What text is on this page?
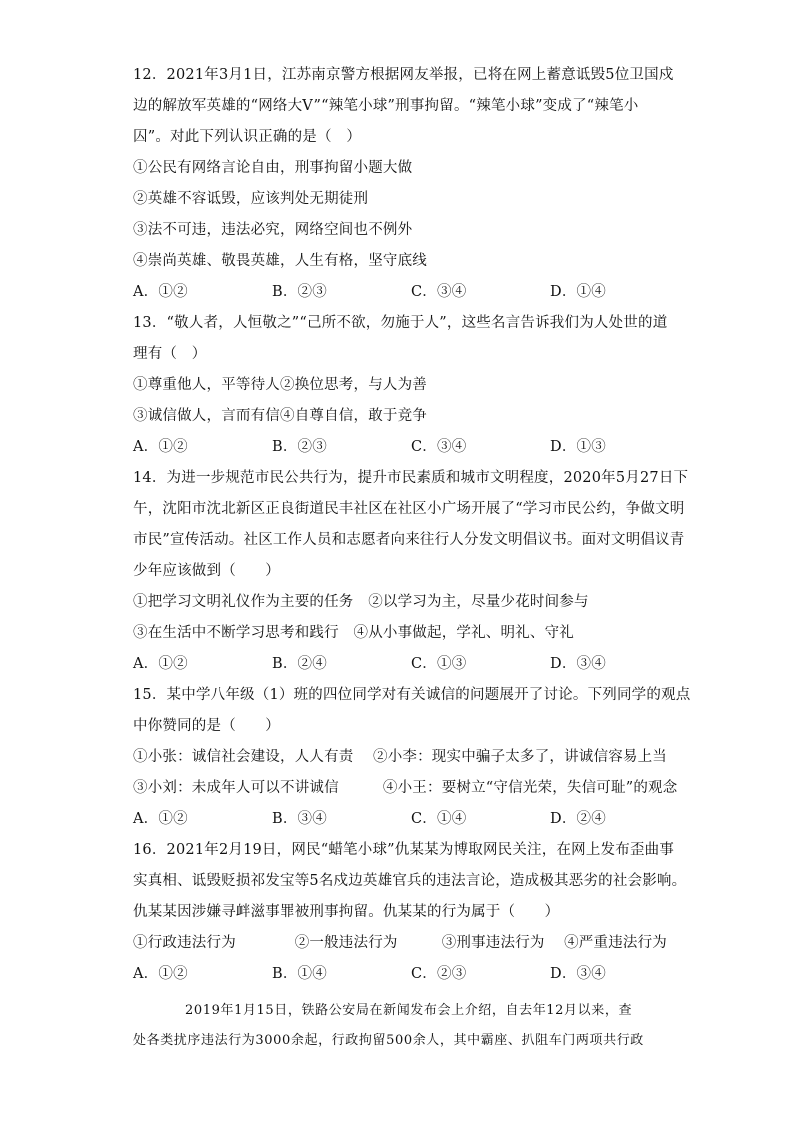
12．2021年3月1日，江苏南京警方根据网友举报，已将在网上蓄意诋毁5位卫国戍
边的解放军英雄的“网络大V”“辣笔小球”刑事拘留。“辣笔小球”变成了“辣笔小
囚”。对此下列认识正确的是（　）
①公民有网络言论自由，刑事拘留小题大做
②英雄不容诋毁，应该判处无期徒刑
③法不可违，违法必究，网络空间也不例外
④崇尚英雄、敬畏英雄，人生有格，坚守底线
A．①②	B．②③	C．③④	D．①④
13．“敬人者，人恒敬之”“己所不欲，勿施于人”，这些名言告诉我们为人处世的道
理有（　）
①尊重他人，平等待人②换位思考，与人为善
③诚信做人，言而有信④自尊自信，敢于竞争
A．①②	B．②③	C．③④	D．①③
14．为进一步规范市民公共行为，提升市民素质和城市文明程度，2020年5月27日下
午，沈阳市沈北新区正良街道民丰社区在社区小广场开展了“学习市民公约，争做文明
市民”宣传活动。社区工作人员和志愿者向来往行人分发文明倡议书。面对文明倡议青
少年应该做到（　　）
①把学习文明礼仪作为主要的任务　②以学习为主，尽量少花时间参与
③在生活中不断学习思考和践行　④从小事做起，学礼、明礼、守礼
A．①②	B．②④	C．①③	D．③④
15．某中学八年级（1）班的四位同学对有关诚信的问题展开了讨论。下列同学的观点
中你赞同的是（　　）
①小张：诚信社会建设，人人有责　 ②小李：现实中骗子太多了，讲诚信容易上当
③小刘：未成年人可以不讲诚信　　　④小王：要树立“守信光荣，失信可耻”的观念
A．①②	B．③④	C．①④	D．②④
16．2021年2月19日，网民“蜡笔小球”仇某某为博取网民关注，在网上发布歪曲事
实真相、诋毁贬损祁发宝等5名戍边英雄官兵的违法言论，造成极其恶劣的社会影响。
仇某某因涉嫌寻衅滋事罪被刑事拘留。仇某某的行为属于（　　）
①行政违法行为　　　　②一般违法行为　　　③刑事违法行为　 ④严重违法行为
A．①②	B．①④	C．②③	D．③④
2019年1月15日，铁路公安局在新闻发布会上介绍，自去年12月以来，查
处各类扰序违法行为3000余起，行政拘留500余人，其中霸座、扒阻车门两项共行政
